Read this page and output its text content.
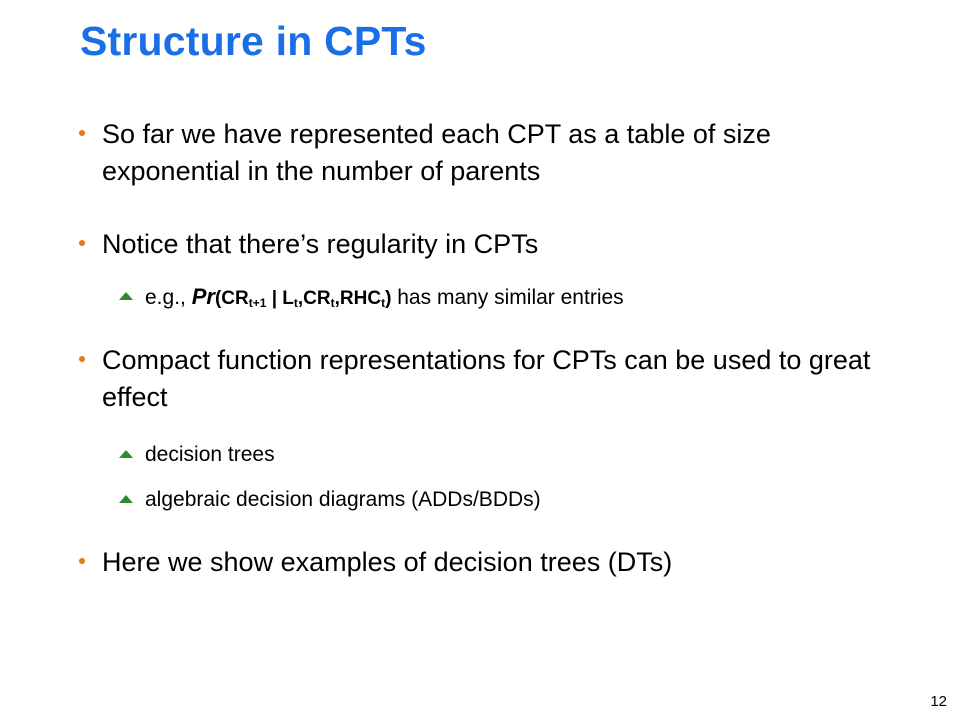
Structure in CPTs
So far we have represented each CPT as a table of size exponential in the number of parents
Notice that there’s regularity in CPTs
e.g., $Pr(CR_{t+1}$ | $L_t,CR_t,RHC_t$) has many similar entries
Compact function representations for CPTs can be used to great effect
decision trees
algebraic decision diagrams (ADDs/BDDs)
Here we show examples of decision trees (DTs)
12
